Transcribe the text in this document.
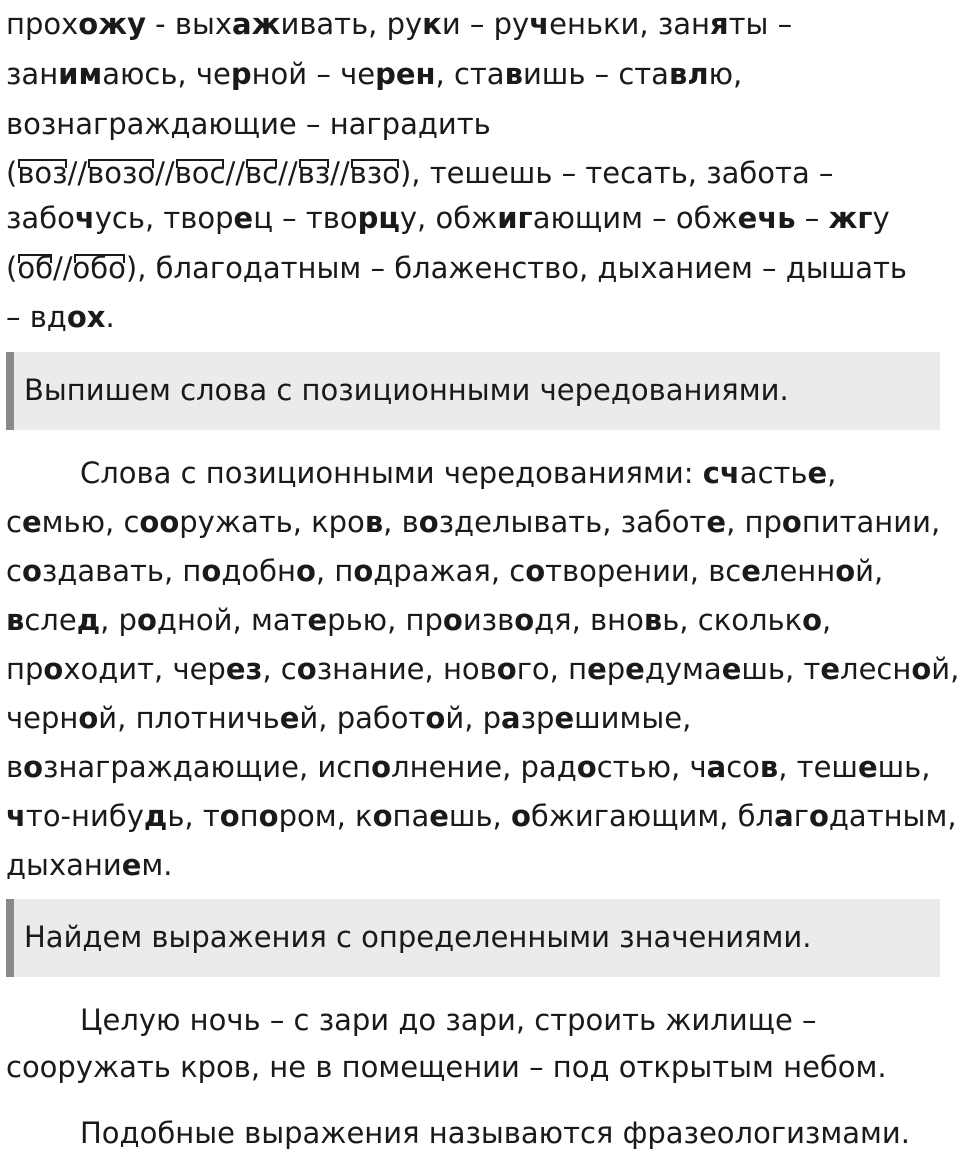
прохожу - выхаживать, руки – рученьки, заняты –
занимаюсь, черной – черен, ставишь – ставлю,
вознаграждающие – наградить
(воз//возо//вос//вс//вз//взо), тешешь – тесать, забота –
забочусь, творец – творцу, обжигающим – обжечь – жгу
(об//обо), благодатным – блаженство, дыханием – дышать
– вдох.
Выпишем слова с позиционными чередованиями.
Слова с позиционными чередованиями: счастье,
семью, сооружать, кров, возделывать, заботе, пропитании,
создавать, подобно, подражая, сотворении, вселенной,
вслед, родной, матерью, производя, вновь, сколько,
проходит, через, сознание, нового, передумаешь, телесной,
черной, плотничьей, работой, разрешимые,
вознаграждающие, исполнение, радостью, часов, тешешь,
что-нибудь, топором, копаешь, обжигающим, благодатным,
дыханием.
Найдем выражения с определенными значениями.
Целую ночь – с зари до зари, строить жилище –
сооружать кров, не в помещении – под открытым небом.
Подобные выражения называются фразеологизмами.
